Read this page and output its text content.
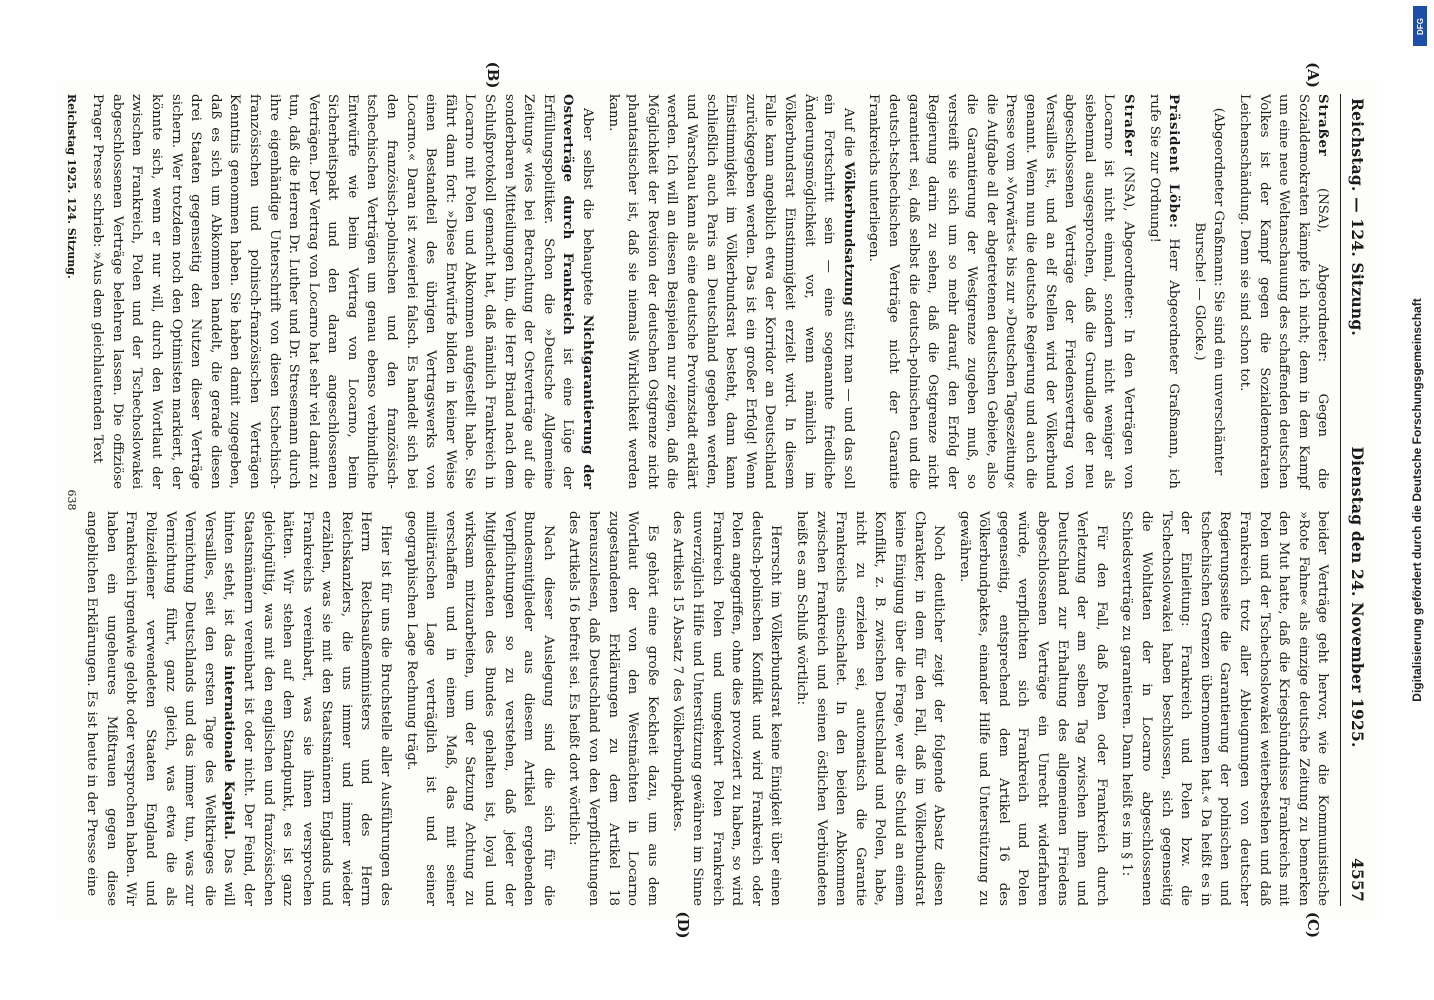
Reichstag. — 124. Sitzung.
Dienstag den 24. November 1925.
4557
(A)
(B)

Straßer (NSA), Abgeordneter: Gegen die Sozialdemokraten kämpfe ich nicht; denn in dem Kampf um eine neue Weltanschauung des schaffenden deutschen Volkes ist der Kampf gegen die Sozialdemokraten Leichenschändung. Denn sie sind schon tot.

(Abgeordneter Graßmann: Sie sind ein unverschämter Bursche! — Glocke.)

Präsident Löbe: Herr Abgeordneter Graßmann, ich rufe Sie zur Ordnung!

Straßer (NSA), Abgeordneter: In den Verträgen von Locarno ist nicht einmal, sondern nicht weniger als siebenmal ausgesprochen, daß die Grundlage der neu abgeschlossenen Verträge der Friedensvertrag von Versailles ist, und an elf Stellen wird der Völkerbund genannt. Wenn nun die deutsche Regierung und auch die Presse vom »Vorwärts« bis zur »Deutschen Tageszeitung« die Aufgabe all der abgetretenen deutschen Gebiete, also die Garantierung der Westgrenze zugeben muß, so versteift sie sich um so mehr darauf, den Erfolg der Regierung darin zu sehen, daß die Ostgrenze nicht garantiert sei, daß selbst die deutsch-polnischen und die deutsch-tschechischen Verträge nicht der Garantie Frankreichs unterliegen.

Auf die Völkerbundsatzung stützt man — und das soll ein Fortschritt sein — eine sogenannte friedliche Änderungsmöglichkeit vor, wenn nämlich im Völkerbundsrat Einstimmigkeit erzielt wird. In diesem Falle kann angeblich etwa der Korridor an Deutschland zurückgegeben werden. Das ist ein großer Erfolg! Wenn Einstimmigkeit im Völkerbundsrat besteht, dann kann schließlich auch Paris an Deutschland gegeben werden, und Warschau kann als eine deutsche Provinzstadt erklärt werden. Ich will an diesen Beispielen nur zeigen, daß die Möglichkeit der Revision der deutschen Ostgrenze nicht phantastischer ist, daß sie niemals Wirklichkeit werden kann.

Aber selbst die behauptete Nichtgarantierung der Ostverträge durch Frankreich ist eine Lüge der Erfüllungspolitiker. Schon die »Deutsche Allgemeine Zeitung« wies bei Betrachtung der Ostverträge auf die sonderbaren Mitteilungen hin, die Herr Briand nach dem Schlußprotokoll gemacht hat, daß nämlich Frankreich in Locarno mit Polen und Abkommen aufgestellt habe. Sie fährt dann fort: »Diese Entwürfe bilden in keiner Weise einen Bestandteil des übrigen Vertragswerks von Locarno.« Daran ist zweierlei falsch. Es handelt sich bei den französisch-polnischen und den französisch-tschechischen Verträgen um genau ebenso verbindliche Entwürfe wie beim Vertrag von Locarno, beim Sicherheitspakt und den daran angeschlossenen Verträgen. Der Vertrag von Locarno hat sehr viel damit zu tun, daß die Herren Dr. Luther und Dr. Stresemann durch ihre eigenhändige Unterschrift von diesen tschechisch-französischen und polnisch-französischen Verträgen Kenntnis genommen haben. Sie haben damit zugegeben, daß es sich um Abkommen handelt, die gerade diesen drei Staaten gegenseitig den Nutzen dieser Verträge sichern. Wer trotzdem noch den Optimisten markiert, der könnte sich, wenn er nur will, durch den Wortlaut der zwischen Frankreich, Polen und der Tschechoslowakei abgeschlossenen Verträge belehren lassen. Die offiziöse Prager Presse schrieb: »Aus dem gleichlautenden Text

(C)
(D)

beider Verträge geht hervor, wie die Kommunistische »Rote Fahne« als einzige deutsche Zeitung zu bemerken den Mut hatte, daß die Kriegsbündnisse Frankreichs mit Polen und der Tschechoslowakei weiterbestehen und daß Frankreich trotz aller Ableugnungen von deutscher Regierungsseite die Garantierung der polnischen und tschechischen Grenzen übernommen hat.« Da heißt es in der Einleitung: Frankreich und Polen bzw. die Tschechoslowakei haben beschlossen, sich gegenseitig die Wohltaten der in Locarno abgeschlossenen Schiedsverträge zu garantieren. Dann heißt es im § 1:

Für den Fall, daß Polen oder Frankreich durch Verletzung der am selben Tag zwischen ihnen und Deutschland zur Erhaltung des allgemeinen Friedens abgeschlossenen Verträge ein Unrecht widerfahren würde, verpflichten sich Frankreich und Polen gegenseitig, entsprechend dem Artikel 16 des Völkerbundpaktes, einander Hilfe und Unterstützung zu gewähren.

Noch deutlicher zeigt der folgende Absatz diesen Charakter, in dem für den Fall, daß im Völkerbundsrat keine Einigung über die Frage, wer die Schuld an einem Konflikt, z. B. zwischen Deutschland und Polen, habe, nicht zu erzielen sei, automatisch die Garantie Frankreichs einschaltet. In den beiden Abkommen zwischen Frankreich und seinen östlichen Verbündeten heißt es am Schluß wörtlich:

Herrscht im Völkerbundsrat keine Einigkeit über einen deutsch-polnischen Konflikt und wird Frankreich oder Polen angegriffen, ohne dies provoziert zu haben, so wird Frankreich Polen und umgekehrt Polen Frankreich unverzüglich Hilfe und Unterstützung gewähren im Sinne des Artikels 15 Absatz 7 des Völkerbundpaktes.

Es gehört eine große Keckheit dazu, um aus dem Wortlaut der von den Westmächten in Locarno zugestandenen Erklärungen zu dem Artikel 18 herauszulesen, daß Deutschland von den Verpflichtungen des Artikels 16 befreit sei. Es heißt dort wörtlich:

Nach dieser Auslegung sind die sich für die Bundesmitglieder aus diesem Artikel ergebenden Verpflichtungen so zu verstehen, daß jeder der Mitgliedstaaten des Bundes gehalten ist, loyal und wirksam mitzuarbeiten, um der Satzung Achtung zu verschaffen und in einem Maß, das mit seiner militärischen Lage verträglich ist und seiner geographischen Lage Rechnung trägt.

Hier ist für uns die Bruchstelle aller Ausführungen des Herrn Reichsaußenministers und des Herrn Reichskanzlers, die uns immer und immer wieder erzählen, was sie mit den Staatsmännern Englands und Frankreichs vereinbart, was sie ihnen versprochen hätten. Wir stehen auf dem Standpunkt, es ist ganz gleichgültig, was mit den englischen und französischen Staatsmännern vereinbart ist oder nicht. Der Feind, der hinten steht, ist das internationale Kapital. Das will Versailles, seit den ersten Tage des Weltkrieges die Vernichtung Deutschlands und das immer tun, was zur Vernichtung führt, ganz gleich, was etwa die als Polizeidiener verwendeten Staaten England und Frankreich irgendwie gelobt oder versprochen haben. Wir haben ein ungeheures Mißtrauen gegen diese angeblichen Erklärungen. Es ist heute in der Presse eine

Reichstag 1925. 124. Sitzung.
638
DFG
Digitalisierung gefördert durch die Deutsche Forschungsgemeinschaft
